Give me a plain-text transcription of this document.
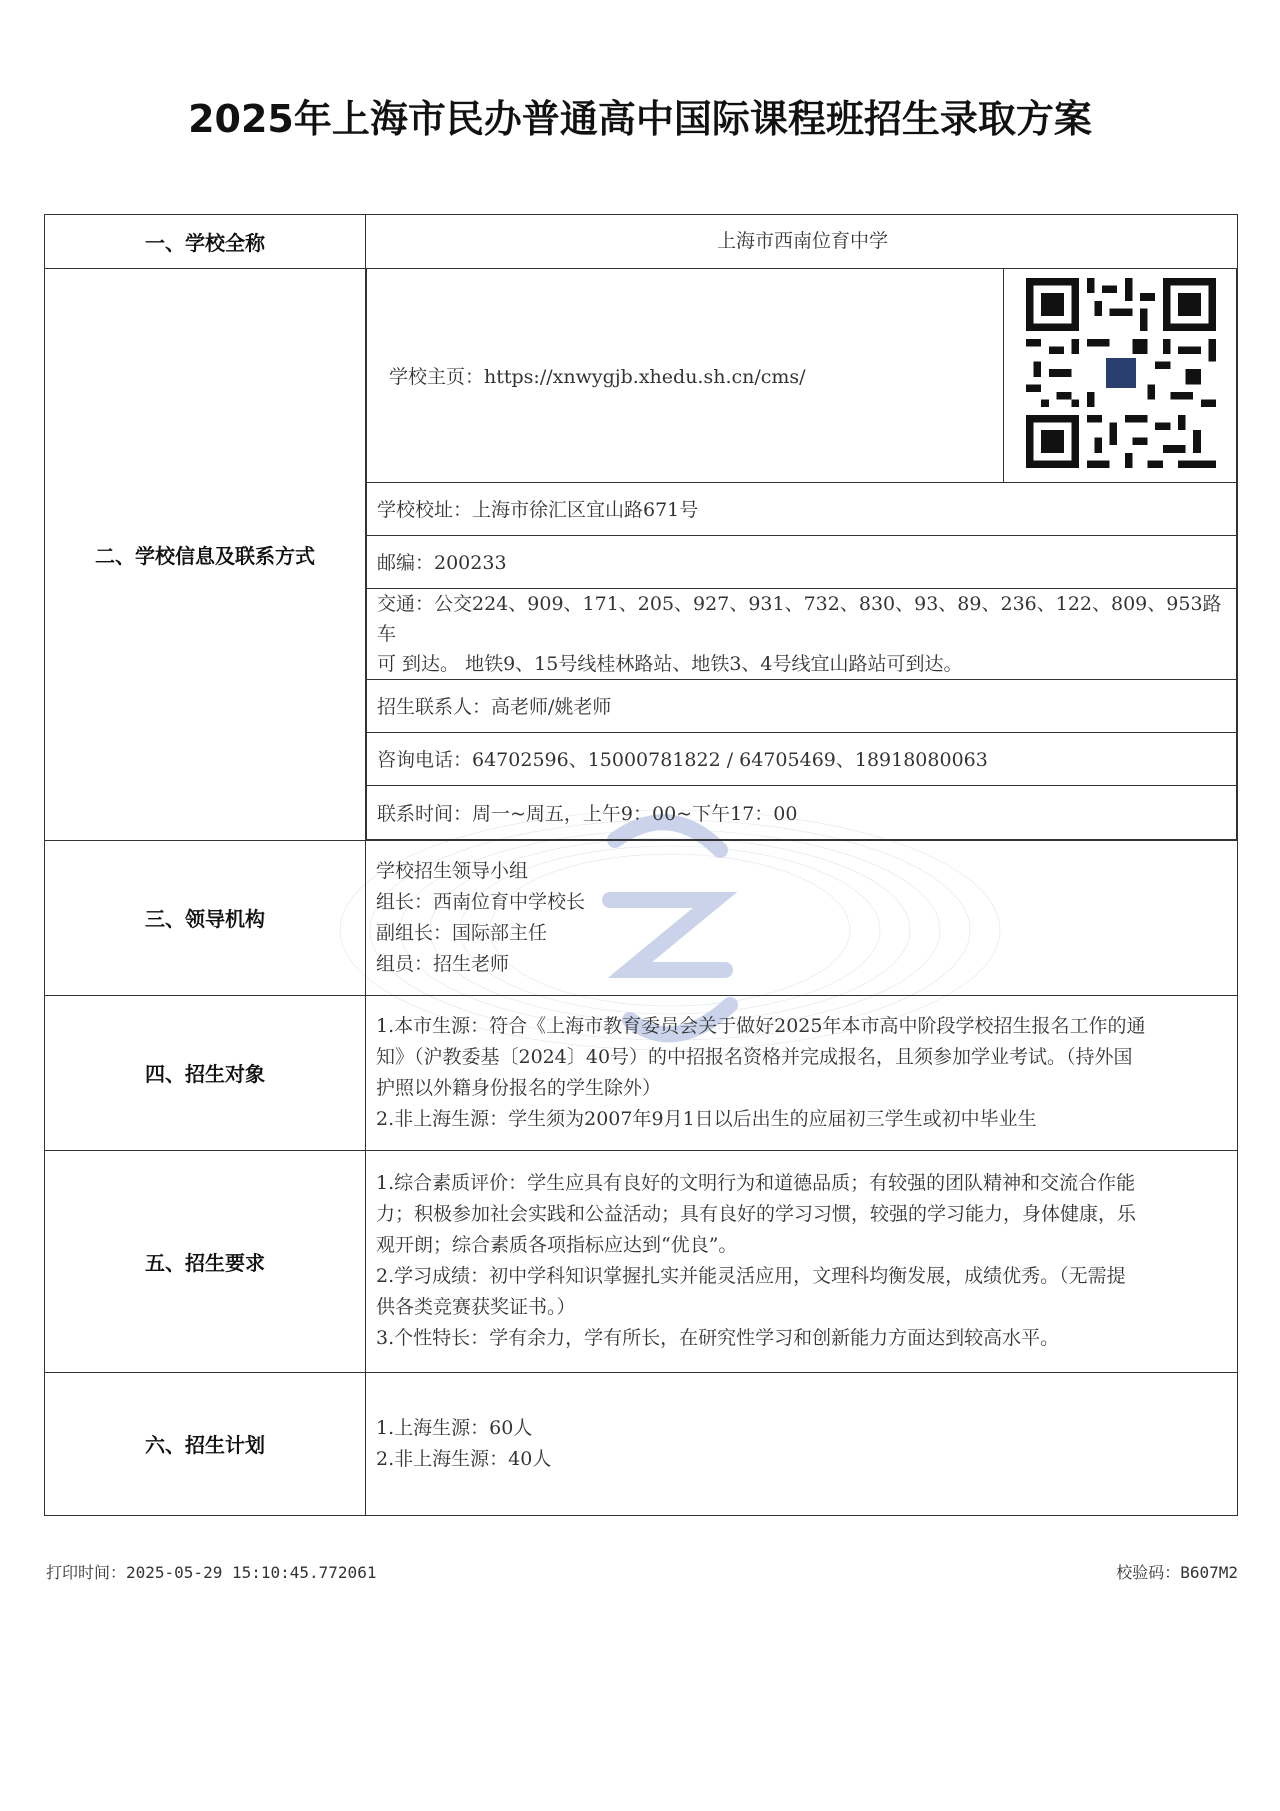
2025年上海市民办普通高中国际课程班招生录取方案
一、学校全称	上海市西南位育中学
二、学校信息及联系方式	
学校主页：https://xnwygjb.xhedu.sh.cn/cms/	
学校校址：上海市徐汇区宜山路671号
邮编：200233

交通：公交224、909、171、205、927、931、732、830、93、89、236、122、809、953路车
可 到达。 地铁9、15号线桂林路站、地铁3、4号线宜山路站可到达。

招生联系人：高老师/姚老师
咨询电话：64702596、15000781822 / 64705469、18918080063
联系时间：周一~周五，上午9：00~下午17：00

三、领导机构	
学校招生领导小组
组长：西南位育中学校长
副组长：国际部主任
组员：招生老师

四、招生对象	
1.本市生源：符合《上海市教育委员会关于做好2025年本市高中阶段学校招生报名工作的通
知》（沪教委基〔2024〕40号）的中招报名资格并完成报名，且须参加学业考试。（持外国
护照以外籍身份报名的学生除外）
2.非上海生源：学生须为2007年9月1日以后出生的应届初三学生或初中毕业生

五、招生要求	
1.综合素质评价：学生应具有良好的文明行为和道德品质；有较强的团队精神和交流合作能
力；积极参加社会实践和公益活动；具有良好的学习习惯，较强的学习能力，身体健康，乐
观开朗；综合素质各项指标应达到“优良”。
2.学习成绩：初中学科知识掌握扎实并能灵活应用，文理科均衡发展，成绩优秀。（无需提
供各类竞赛获奖证书。）
3.个性特长：学有余力，学有所长，在研究性学习和创新能力方面达到较高水平。

六、招生计划	
1.上海生源：60人
2.非上海生源：40人
打印时间：2025-05-29 15:10:45.772061	校验码：B607M2
